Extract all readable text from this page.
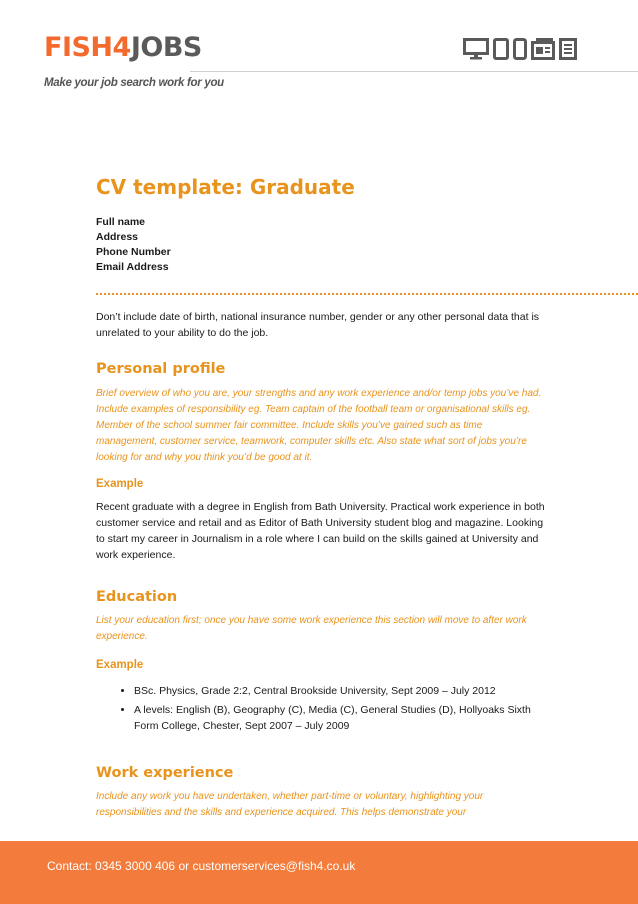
FISH4JOBS
Make your job search work for you
CV template: Graduate
Full name
Address
Phone Number
Email Address
Don’t include date of birth, national insurance number, gender or any other personal data that is unrelated to your ability to do the job.
Personal profile
Brief overview of who you are, your strengths and any work experience and/or temp jobs you’ve had. Include examples of responsibility eg. Team captain of the football team or organisational skills eg. Member of the school summer fair committee. Include skills you’ve gained such as time management, customer service, teamwork, computer skills etc. Also state what sort of jobs you’re looking for and why you think you’d be good at it.
Example
Recent graduate with a degree in English from Bath University. Practical work experience in both customer service and retail and as Editor of Bath University student blog and magazine. Looking to start my career in Journalism in a role where I can build on the skills gained at University and work experience.
Education
List your education first; once you have some work experience this section will move to after work experience.
Example
• BSc. Physics, Grade 2:2, Central Brookside University, Sept 2009 – July 2012
• A levels: English (B), Geography (C), Media (C), General Studies (D), Hollyoaks Sixth Form College, Chester, Sept 2007 – July 2009
Work experience
Include any work you have undertaken, whether part-time or voluntary, highlighting your responsibilities and the skills and experience acquired. This helps demonstrate your
Contact: 0345 3000 406 or customerservices@fish4.co.uk
